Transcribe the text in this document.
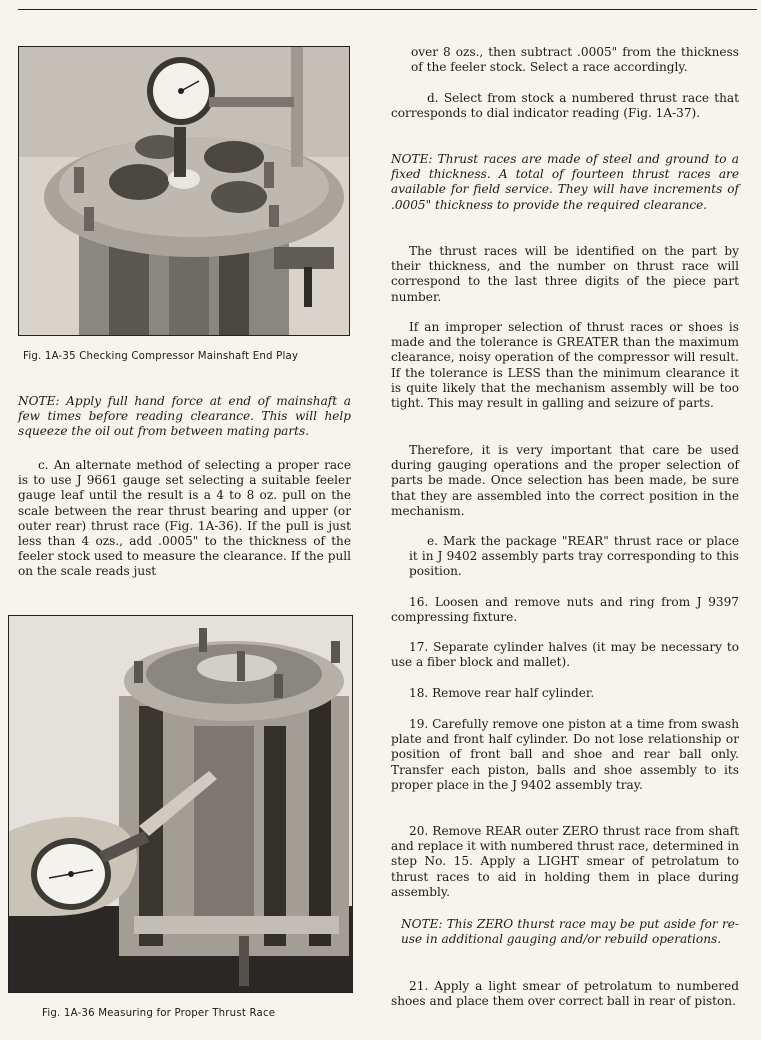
Fig. 1A-35 Checking Compressor Mainshaft End Play

NOTE: Apply full hand force at end of mainshaft a few times before reading clearance. This will help squeeze the oil out from between mating parts.

c. An alternate method of selecting a proper race is to use J 9661 gauge set selecting a suitable feeler gauge leaf until the result is a 4 to 8 oz. pull on the scale between the rear thrust bearing and upper (or outer rear) thrust race (Fig. 1A-36). If the pull is just less than 4 ozs., add .0005" to the thickness of the feeler stock used to measure the clearance. If the pull on the scale reads just

Fig. 1A-36 Measuring for Proper Thrust Race

over 8 ozs., then subtract .0005" from the thickness of the feeler stock. Select a race accordingly.

d. Select from stock a numbered thrust race that corresponds to dial indicator reading (Fig. 1A-37).

NOTE: Thrust races are made of steel and ground to a fixed thickness. A total of fourteen thrust races are available for field service. They will have increments of .0005" thickness to provide the required clearance.

The thrust races will be identified on the part by their thickness, and the number on thrust race will correspond to the last three digits of the piece part number.

If an improper selection of thrust races or shoes is made and the tolerance is GREATER than the maximum clearance, noisy operation of the compressor will result. If the tolerance is LESS than the minimum clearance it is quite likely that the mechanism assembly will be too tight. This may result in galling and seizure of parts.

Therefore, it is very important that care be used during gauging operations and the proper selection of parts be made. Once selection has been made, be sure that they are assembled into the correct position in the mechanism.

e. Mark the package "REAR" thrust race or place it in J 9402 assembly parts tray corresponding to this position.

16. Loosen and remove nuts and ring from J 9397 compressing fixture.

17. Separate cylinder halves (it may be necessary to use a fiber block and mallet).

18. Remove rear half cylinder.

19. Carefully remove one piston at a time from swash plate and front half cylinder. Do not lose relationship or position of front ball and shoe and rear ball only. Transfer each piston, balls and shoe assembly to its proper place in the J 9402 assembly tray.

20. Remove REAR outer ZERO thrust race from shaft and replace it with numbered thrust race, determined in step No. 15. Apply a LIGHT smear of petrolatum to thrust races to aid in holding them in place during assembly.

NOTE: This ZERO thurst race may be put aside for re-use in additional gauging and/or rebuild operations.

21. Apply a light smear of petrolatum to numbered shoes and place them over correct ball in rear of piston.
